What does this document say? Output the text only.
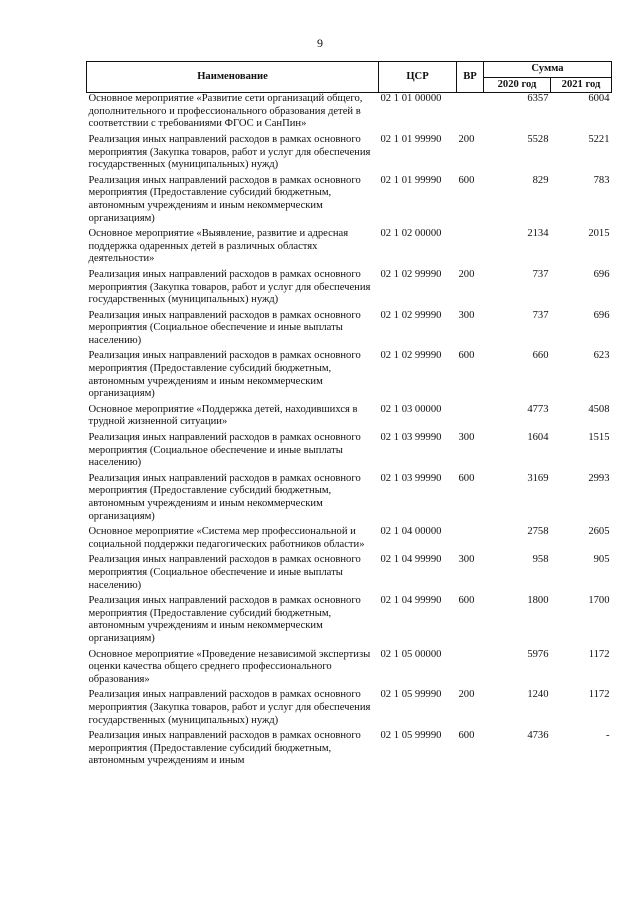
9
Наименование	ЦСР	ВР	Сумма	
			2020 год	2021 год
Основное мероприятие «Развитие сети организаций общего, дополнительного и профессионального образования детей в соответствии с требованиями ФГОС и СанПин»	02 1 01 00000		6357	6004
Реализация иных направлений расходов в рамках основного мероприятия (Закупка товаров, работ и услуг для обеспечения государственных (муниципальных) нужд)	02 1 01 99990	200	5528	5221
Реализация иных направлений расходов в рамках основного мероприятия (Предоставление субсидий бюджетным, автономным учреждениям и иным некоммерческим организациям)	02 1 01 99990	600	829	783
Основное мероприятие «Выявление, развитие и адресная поддержка одаренных детей в различных областях деятельности»	02 1 02 00000		2134	2015
Реализация иных направлений расходов в рамках основного мероприятия (Закупка товаров, работ и услуг для обеспечения государственных (муниципальных) нужд)	02 1 02 99990	200	737	696
Реализация иных направлений расходов в рамках основного мероприятия (Социальное обеспечение и иные выплаты населению)	02 1 02 99990	300	737	696
Реализация иных направлений расходов в рамках основного мероприятия (Предоставление субсидий бюджетным, автономным учреждениям и иным некоммерческим организациям)	02 1 02 99990	600	660	623
Основное мероприятие «Поддержка детей, находившихся в трудной жизненной ситуации»	02 1 03 00000		4773	4508
Реализация иных направлений расходов в рамках основного мероприятия (Социальное обеспечение и иные выплаты населению)	02 1 03 99990	300	1604	1515
Реализация иных направлений расходов в рамках основного мероприятия (Предоставление субсидий бюджетным, автономным учреждениям и иным некоммерческим организациям)	02 1 03 99990	600	3169	2993
Основное мероприятие «Система мер профессиональной и социальной поддержки педагогических работников области»	02 1 04 00000		2758	2605
Реализация иных направлений расходов в рамках основного мероприятия (Социальное обеспечение и иные выплаты населению)	02 1 04 99990	300	958	905
Реализация иных направлений расходов в рамках основного мероприятия (Предоставление субсидий бюджетным, автономным учреждениям и иным некоммерческим организациям)	02 1 04 99990	600	1800	1700
Основное мероприятие «Проведение независимой экспертизы оценки качества общего среднего профессионального образования»	02 1 05 00000		5976	1172
Реализация иных направлений расходов в рамках основного мероприятия (Закупка товаров, работ и услуг для обеспечения государственных (муниципальных) нужд)	02 1 05 99990	200	1240	1172
Реализация иных направлений расходов в рамках основного мероприятия (Предоставление субсидий бюджетным, автономным учреждениям и иным	02 1 05 99990	600	4736	-
